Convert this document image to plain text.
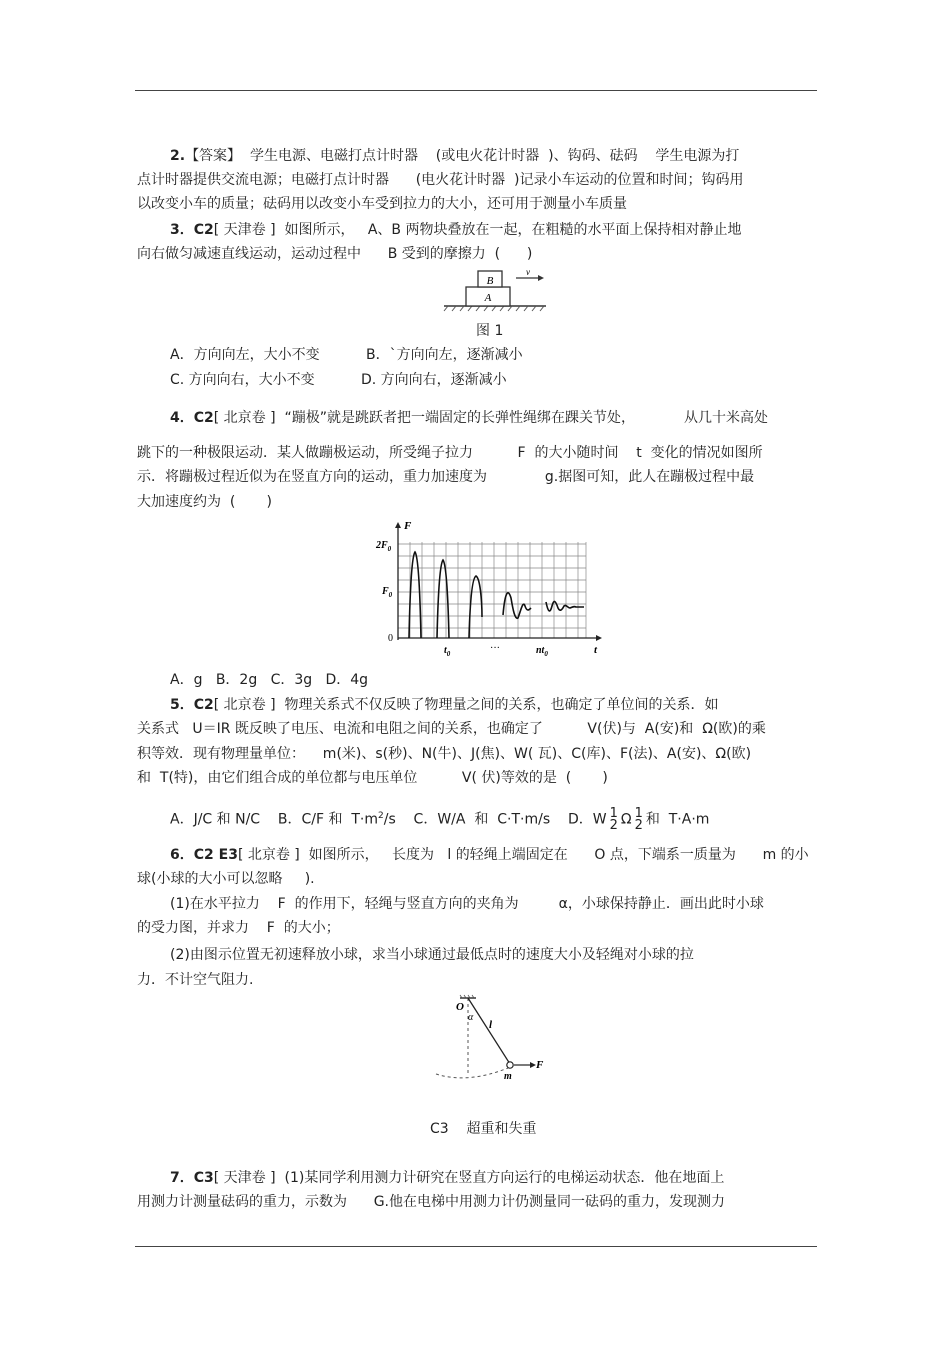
2.【答案】  学生电源、电磁打点计时器    (或电火花计时器  )、钩码、砝码    学生电源为打
点计时器提供交流电源；电磁打点计时器      (电火花计时器  )记录小车运动的位置和时间；钩码用
以改变小车的质量；砝码用以改变小车受到拉力的大小，还可用于测量小车质量
3．C2[ 天津卷 ]  如图所示，   A、B 两物块叠放在一起，在粗糙的水平面上保持相对静止地
向右做匀减速直线运动，运动过程中      B 受到的摩擦力  (      )
A
B
v
图 1
A．方向向左，大小不变	B．`方向向左，逐渐减小
C. 方向向右，大小不变	D. 方向向右，逐渐减小
4．C2[ 北京卷 ]  “蹦极”就是跳跃者把一端固定的长弹性绳绑在踝关节处，           从几十米高处
跳下的一种极限运动．某人做蹦极运动，所受绳子拉力          F  的大小随时间    t  变化的情况如图所
示．将蹦极过程近似为在竖直方向的运动，重力加速度为             g.据图可知，此人在蹦极过程中最
大加速度约为  (       )
F
$2F_0$
$F_0$
0
$t_0$	···	$nt_0$	t
A．g   B．2g   C．3g   D．4g
5．C2[ 北京卷 ]  物理关系式不仅反映了物理量之间的关系，也确定了单位间的关系．如
关系式   U＝IR 既反映了电压、电流和电阻之间的关系，也确定了          V(伏)与  A(安)和  Ω(欧)的乘
积等效．现有物理量单位：    m(米)、s(秒)、N(牛)、J(焦)、W( 瓦)、C(库)、F(法)、A(安)、Ω(欧)
和  T(特)，由它们组合成的单位都与电压单位          V( 伏)等效的是  (       )
A．J/C 和 N/C    B．C/F 和  $T\cdot m^2/s$    C．W/A  和  C·T·m/s    D．W 1
2 Ω 1
2 和  T·A·m
6．C2 E3[ 北京卷 ]  如图所示，   长度为   l 的轻绳上端固定在      O 点，下端系一质量为      m 的小
球(小球的大小可以忽略     ).
(1)在水平拉力    F  的作用下，轻绳与竖直方向的夹角为         α，小球保持静止．画出此时小球
的受力图，并求力    F  的大小；
(2)由图示位置无初速释放小球，求当小球通过最低点时的速度大小及轻绳对小球的拉
力．不计空气阻力.
O
α
l
m
F
C3    超重和失重
7．C3[ 天津卷 ]  (1)某同学利用测力计研究在竖直方向运行的电梯运动状态．他在地面上
用测力计测量砝码的重力，示数为      G.他在电梯中用测力计仍测量同一砝码的重力，发现测力
